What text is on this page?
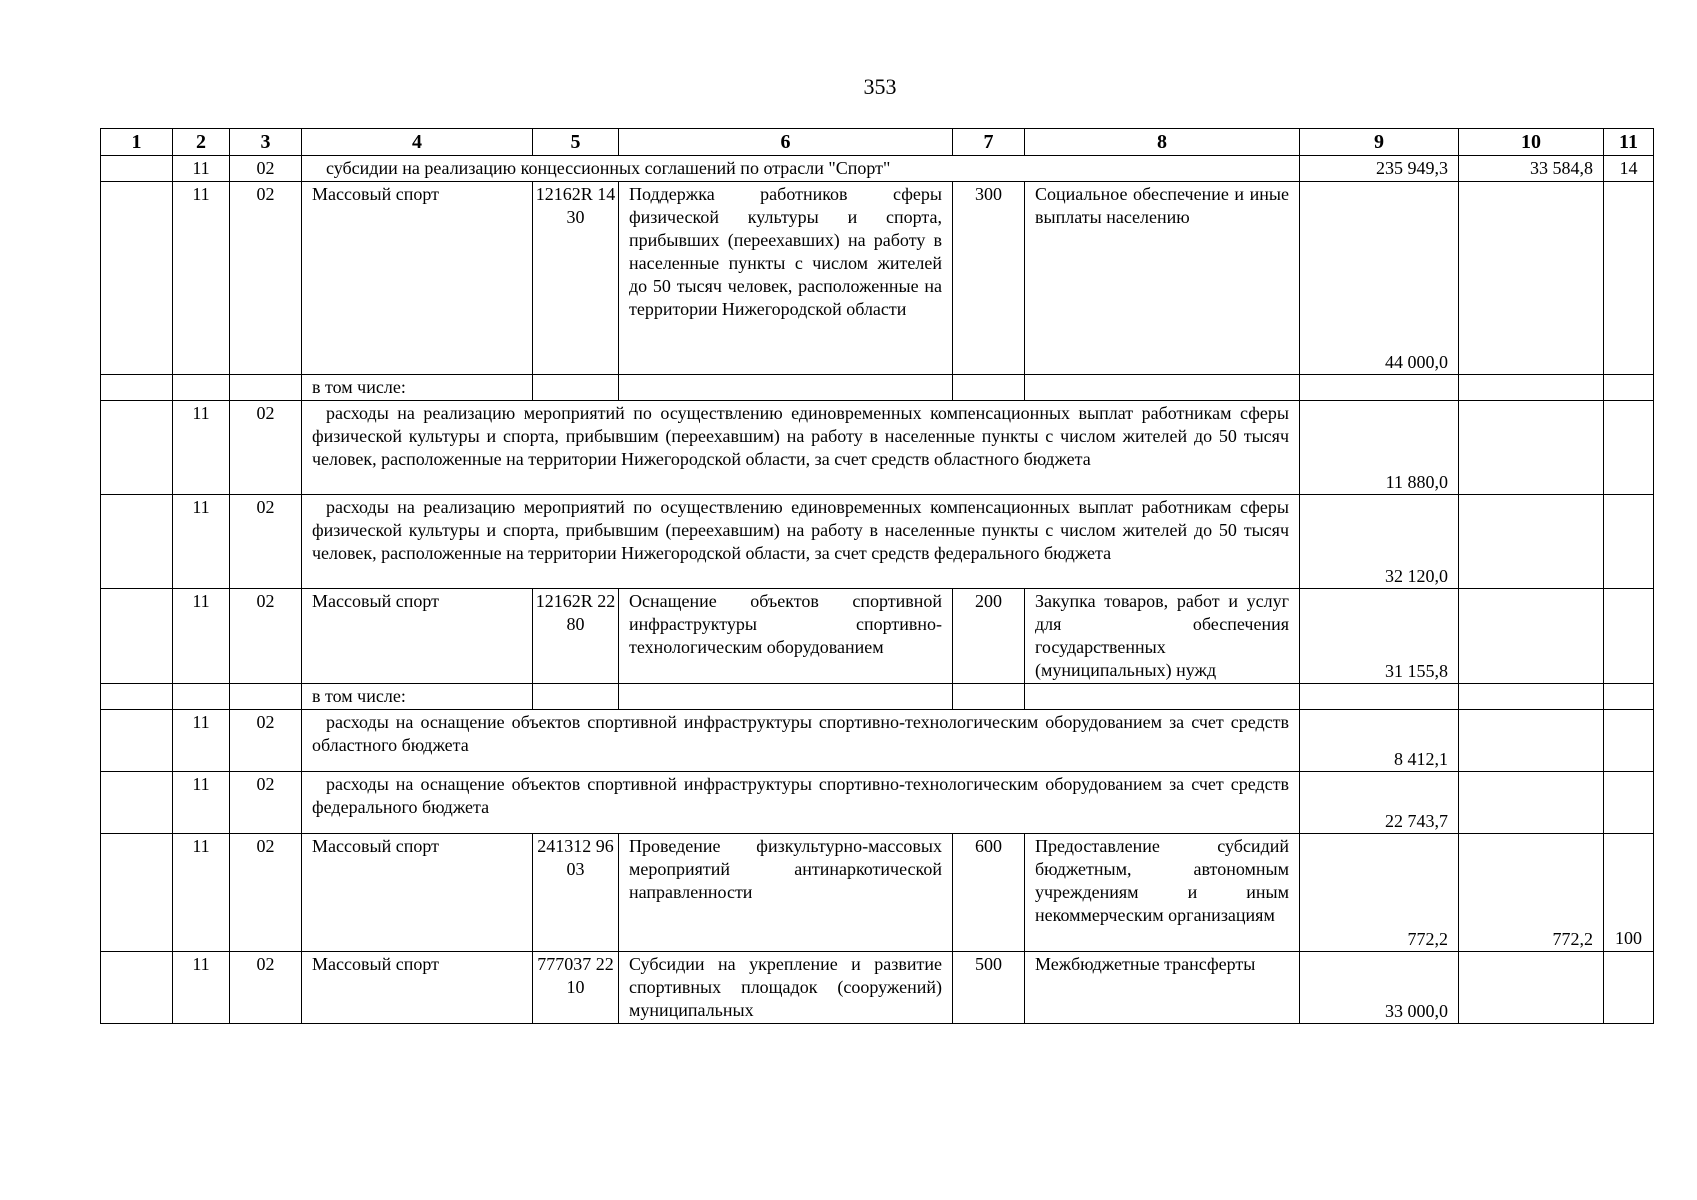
353
1	2	3	4	5	6	7	8	9	10	11
	11	02	субсидии на реализацию концессионных соглашений по отрасли "Спорт"					235 949,3	33 584,8	14
	11	02	Массовый спорт	12162R 1430	Поддержка работников сферы физической культуры и спорта, прибывших (переехавших) на работу в населенные пункты с числом жителей до 50 тысяч человек, расположенные на территории Нижегородской области	300	Социальное обеспечение и иные выплаты населению	44 000,0		
			в том числе:							
	11	02	расходы на реализацию мероприятий по осуществлению единовременных компенсационных выплат работникам сферы физической культуры и спорта, прибывшим (переехавшим) на работу в населенные пункты с числом жителей до 50 тысяч человек, расположенные на территории Нижегородской области, за счет средств областного бюджета					11 880,0		
	11	02	расходы на реализацию мероприятий по осуществлению единовременных компенсационных выплат работникам сферы физической культуры и спорта, прибывшим (переехавшим) на работу в населенные пункты с числом жителей до 50 тысяч человек, расположенные на территории Нижегородской области, за счет средств федерального бюджета					32 120,0		
	11	02	Массовый спорт	12162R 2280	Оснащение объектов спортивной инфраструктуры спортивно-технологическим оборудованием	200	Закупка товаров, работ и услуг для обеспечения государственных (муниципальных) нужд	31 155,8		
			в том числе:							
	11	02	расходы на оснащение объектов спортивной инфраструктуры спортивно-технологическим оборудованием за счет средств областного бюджета					8 412,1		
	11	02	расходы на оснащение объектов спортивной инфраструктуры спортивно-технологическим оборудованием за счет средств федерального бюджета					22 743,7		
	11	02	Массовый спорт	241312 9603	Проведение физкультурно-массовых мероприятий антинаркотической направленности	600	Предоставление субсидий бюджетным, автономным учреждениям и иным некоммерческим организациям	772,2	772,2	100
	11	02	Массовый спорт	777037 2210	Субсидии на укрепление и развитие спортивных площадок (сооружений) муниципальных	500	Межбюджетные трансферты	33 000,0		
